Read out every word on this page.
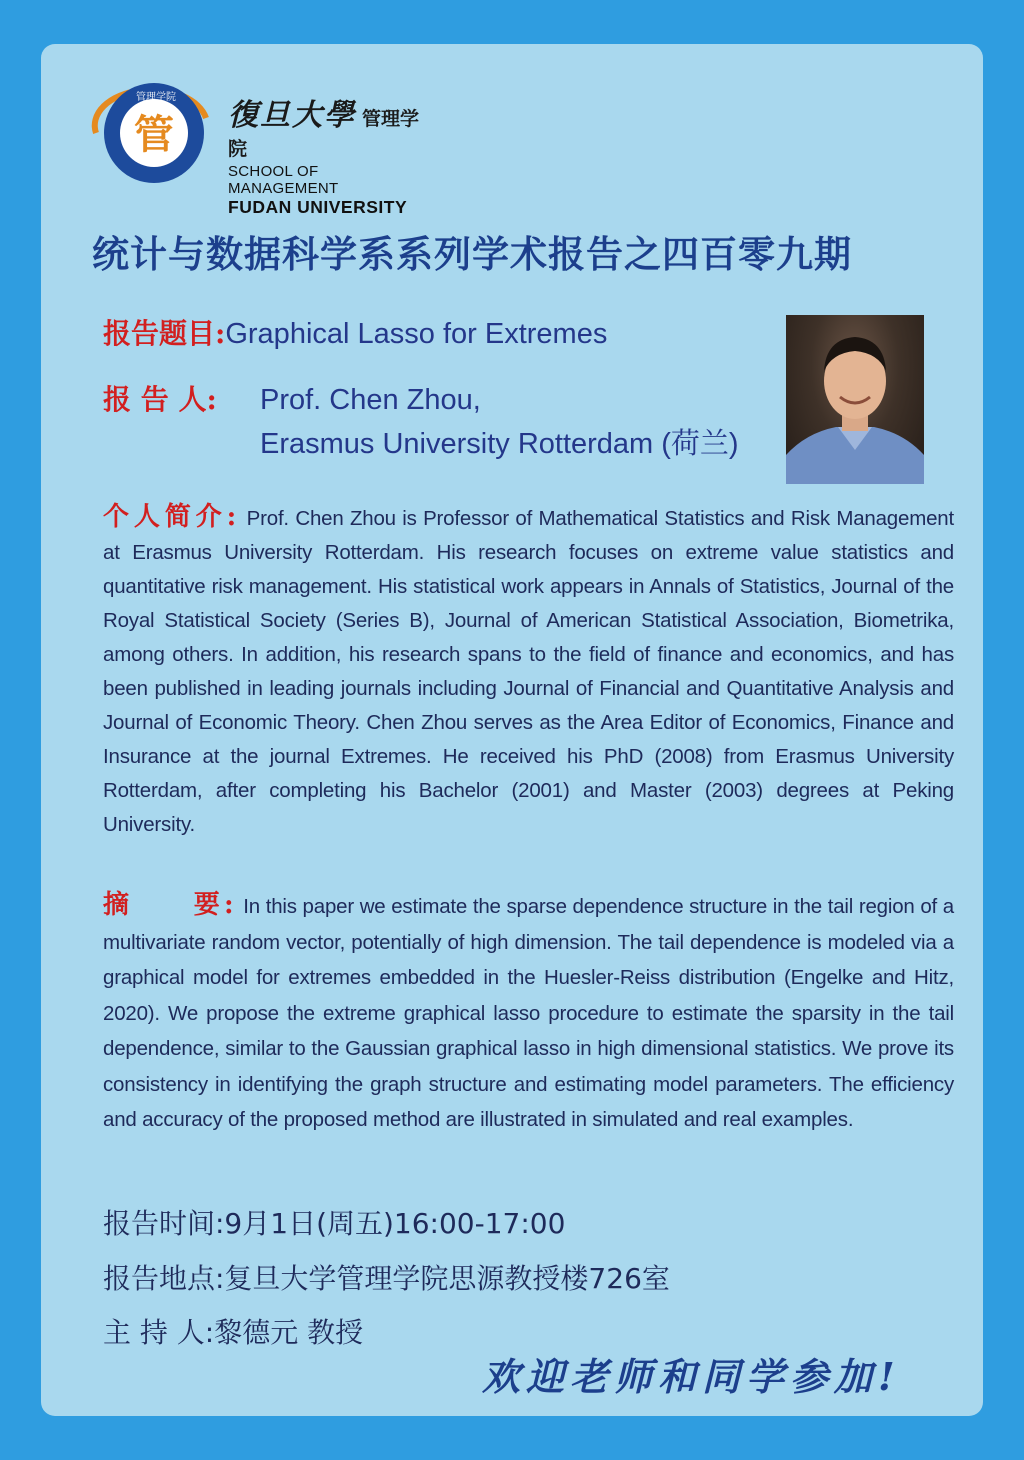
管
管理学院
復旦大學 管理学院
SCHOOL OF MANAGEMENT
FUDAN UNIVERSITY
统计与数据科学系系列学术报告之四百零九期
报告题目:Graphical Lasso for Extremes
报 告 人: Prof. Chen Zhou,
Erasmus University Rotterdam (荷兰)
个人简介: Prof. Chen Zhou is Professor of Mathematical Statistics and Risk Management at Erasmus University Rotterdam. His research focuses on extreme value statistics and quantitative risk management. His statistical work appears in Annals of Statistics, Journal of the Royal Statistical Society (Series B), Journal of American Statistical Association, Biometrika, among others. In addition, his research spans to the field of finance and economics, and has been published in leading journals including Journal of Financial and Quantitative Analysis and Journal of Economic Theory. Chen Zhou serves as the Area Editor of Economics, Finance and Insurance at the journal Extremes. He received his PhD (2008) from Erasmus University Rotterdam, after completing his Bachelor (2001) and Master (2003) degrees at Peking University.
摘　　要: In this paper we estimate the sparse dependence structure in the tail region of a multivariate random vector, potentially of high dimension. The tail dependence is modeled via a graphical model for extremes embedded in the Huesler-Reiss distribution (Engelke and Hitz, 2020). We propose the extreme graphical lasso procedure to estimate the sparsity in the tail dependence, similar to the Gaussian graphical lasso in high dimensional statistics. We prove its consistency in identifying the graph structure and estimating model parameters. The efficiency and accuracy of the proposed method are illustrated in simulated and real examples.
报告时间:9月1日(周五)16:00-17:00
报告地点:复旦大学管理学院思源教授楼726室
主 持 人:黎德元 教授
欢迎老师和同学参加!
